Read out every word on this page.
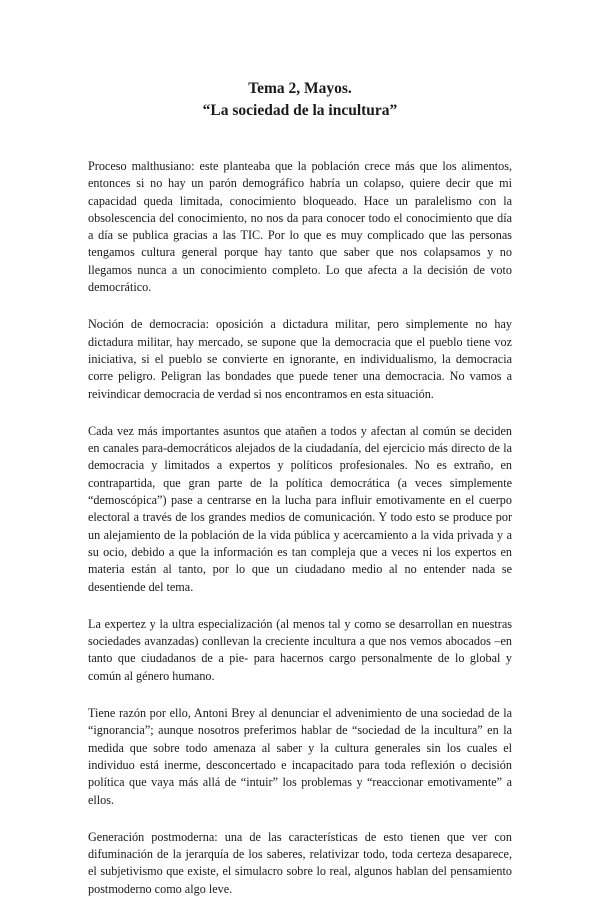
Tema 2, Mayos.

“La sociedad de la incultura”

Proceso malthusiano: este planteaba que la población crece más que los alimentos, entonces si no hay un parón demográfico habría un colapso, quiere decir que mi capacidad queda limitada, conocimiento bloqueado. Hace un paralelismo con la obsolescencia del conocimiento, no nos da para conocer todo el conocimiento que día a día se publica gracias a las TIC. Por lo que es muy complicado que las personas tengamos cultura general porque hay tanto que saber que nos colapsamos y no llegamos nunca a un conocimiento completo. Lo que afecta a la decisión de voto democrático.

Noción de democracia: oposición a dictadura militar, pero simplemente no hay dictadura militar, hay mercado, se supone que la democracia que el pueblo tiene voz iniciativa, si el pueblo se convierte en ignorante, en individualismo, la democracia corre peligro. Peligran las bondades que puede tener una democracia. No vamos a reivindicar democracia de verdad si nos encontramos en esta situación.

Cada vez más importantes asuntos que atañen a todos y afectan al común se deciden en canales para-democráticos alejados de la ciudadanía, del ejercicio más directo de la democracia y limitados a expertos y políticos profesionales. No es extraño, en contrapartida, que gran parte de la política democrática (a veces simplemente “demoscópica”) pase a centrarse en la lucha para influir emotivamente en el cuerpo electoral a través de los grandes medios de comunicación. Y todo esto se produce por un alejamiento de la población de la vida pública y acercamiento a la vida privada y a su ocio, debido a que la información es tan compleja que a veces ni los expertos en materia están al tanto, por lo que un ciudadano medio al no entender nada se desentiende del tema.

La expertez y la ultra especialización (al menos tal y como se desarrollan en nuestras sociedades avanzadas) conllevan la creciente incultura a que nos vemos abocados –en tanto que ciudadanos de a pie- para hacernos cargo personalmente de lo global y común al género humano.

Tiene razón por ello, Antoni Brey al denunciar el advenimiento de una sociedad de la “ignorancia”; aunque nosotros preferimos hablar de “sociedad de la incultura” en la medida que sobre todo amenaza al saber y la cultura generales sin los cuales el individuo está inerme, desconcertado e incapacitado para toda reflexión o decisión política que vaya más allá de “intuir” los problemas y “reaccionar emotivamente” a ellos.

Generación postmoderna: una de las características de esto tienen que ver con difuminación de la jerarquía de los saberes, relativizar todo, toda certeza desaparece, el subjetivismo que existe, el simulacro sobre lo real, algunos hablan del pensamiento postmoderno como algo leve.
